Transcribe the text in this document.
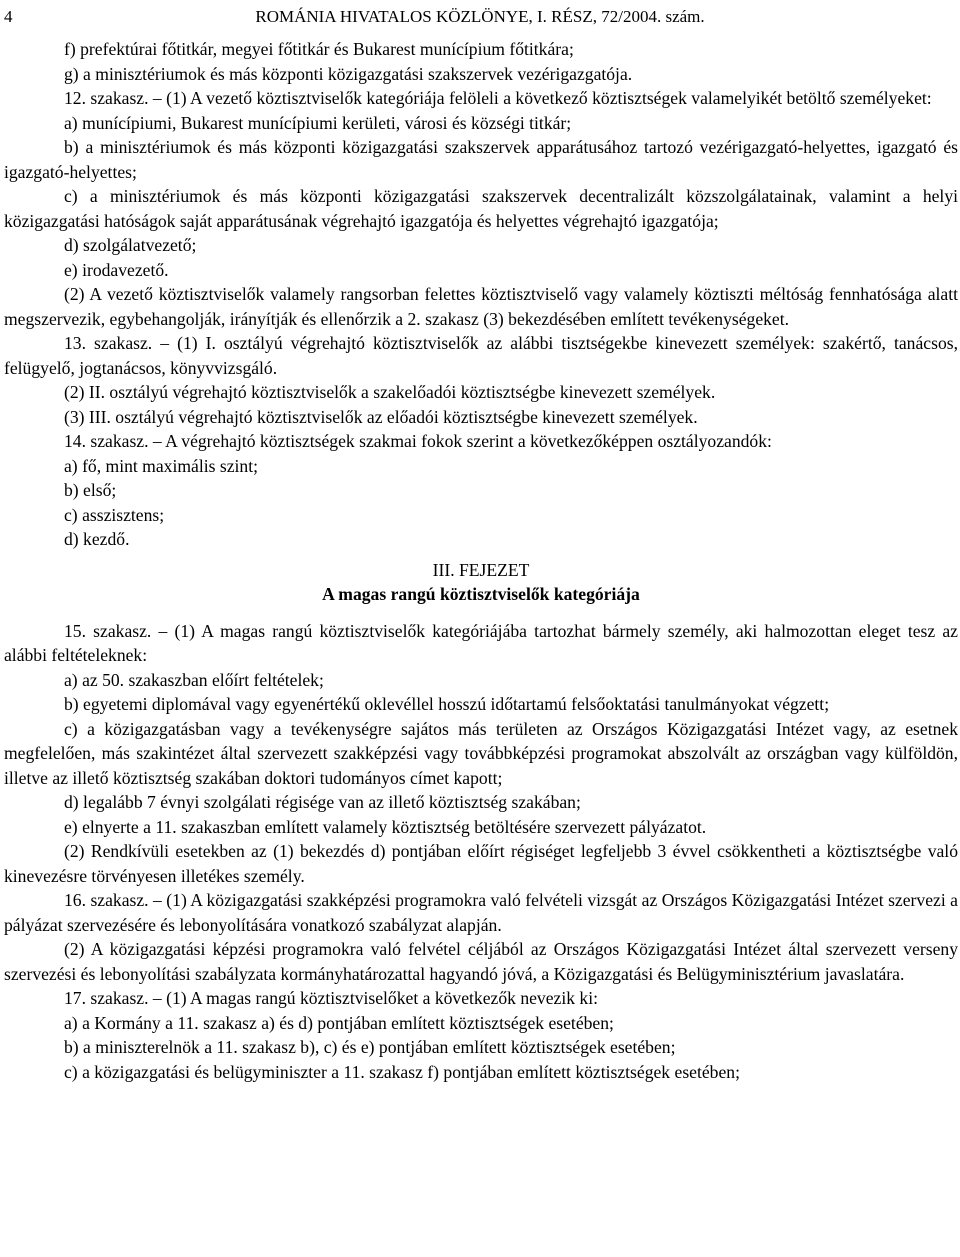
4	ROMÁNIA HIVATALOS KÖZLÖNYE, I. RÉSZ, 72/2004. szám.

f) prefektúrai főtitkár, megyei főtitkár és Bukarest munícípium főtitkára;

g) a minisztériumok és más központi közigazgatási szakszervek vezérigazgatója.

12. szakasz. – (1) A vezető köztisztviselők kategóriája felöleli a következő köztisztségek valamelyikét betöltő személyeket:

a) munícípiumi, Bukarest munícípiumi kerületi, városi és községi titkár;

b) a minisztériumok és más központi közigazgatási szakszervek apparátusához tartozó vezérigazgató-helyettes, igazgató és igazgató-helyettes;

c) a minisztériumok és más központi közigazgatási szakszervek decentralizált közszolgálatainak, valamint a helyi közigazgatási hatóságok saját apparátusának végrehajtó igazgatója és helyettes végrehajtó igazgatója;

d) szolgálatvezető;

e) irodavezető.

(2) A vezető köztisztviselők valamely rangsorban felettes köztisztviselő vagy valamely köztiszti méltóság fennhatósága alatt megszervezik, egybehangolják, irányítják és ellenőrzik a 2. szakasz (3) bekezdésében említett tevékenységeket.

13. szakasz. – (1) I. osztályú végrehajtó köztisztviselők az alábbi tisztségekbe kinevezett személyek: szakértő, tanácsos, felügyelő, jogtanácsos, könyvvizsgáló.

(2) II. osztályú végrehajtó köztisztviselők a szakelőadói köztisztségbe kinevezett személyek.

(3) III. osztályú végrehajtó köztisztviselők az előadói köztisztségbe kinevezett személyek.

14. szakasz. – A végrehajtó köztisztségek szakmai fokok szerint a következőképpen osztályozandók:

a) fő, mint maximális szint;

b) első;

c) asszisztens;

d) kezdő.

III. FEJEZET

A magas rangú köztisztviselők kategóriája

15. szakasz. – (1) A magas rangú köztisztviselők kategóriájába tartozhat bármely személy, aki halmozottan eleget tesz az alábbi feltételeknek:

a) az 50. szakaszban előírt feltételek;

b) egyetemi diplomával vagy egyenértékű oklevéllel hosszú időtartamú felsőoktatási tanulmányokat végzett;

c) a közigazgatásban vagy a tevékenységre sajátos más területen az Országos Közigazgatási Intézet vagy, az esetnek megfelelően, más szakintézet által szervezett szakképzési vagy továbbképzési programokat abszolvált az országban vagy külföldön, illetve az illető köztisztség szakában doktori tudományos címet kapott;

d) legalább 7 évnyi szolgálati régisége van az illető köztisztség szakában;

e) elnyerte a 11. szakaszban említett valamely köztisztség betöltésére szervezett pályázatot.

(2) Rendkívüli esetekben az (1) bekezdés d) pontjában előírt régiséget legfeljebb 3 évvel csökkentheti a köztisztségbe való kinevezésre törvényesen illetékes személy.

16. szakasz. – (1) A közigazgatási szakképzési programokra való felvételi vizsgát az Országos Közigazgatási Intézet szervezi a pályázat szervezésére és lebonyolítására vonatkozó szabályzat alapján.

(2) A közigazgatási képzési programokra való felvétel céljából az Országos Közigazgatási Intézet által szervezett verseny szervezési és lebonyolítási szabályzata kormányhatározattal hagyandó jóvá, a Közigazgatási és Belügyminisztérium javaslatára.

17. szakasz. – (1) A magas rangú köztisztviselőket a következők nevezik ki:

a) a Kormány a 11. szakasz a) és d) pontjában említett köztisztségek esetében;

b) a miniszterelnök a 11. szakasz b), c) és e) pontjában említett köztisztségek esetében;

c) a közigazgatási és belügyminiszter a 11. szakasz f) pontjában említett köztisztségek esetében;
